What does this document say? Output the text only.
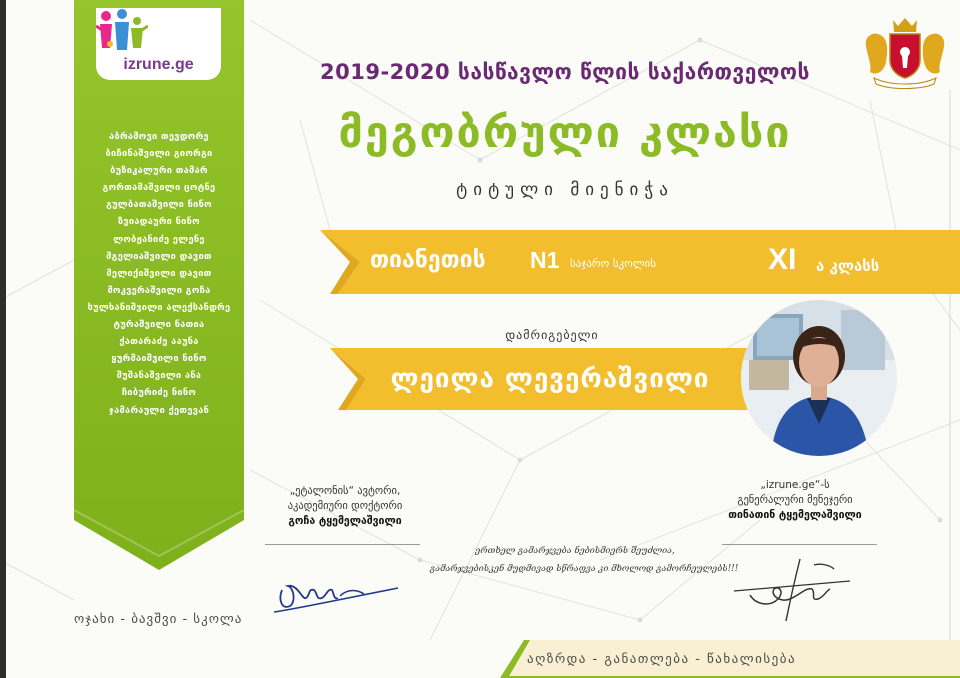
izrune.ge
აბრამოვი თევდორე
ბიჩინაშვილი გიორგი
ბუზიკალური თამარ
გორთამაშვილი ცოტნე
გულბათაშვილი ნინო
ზვიადაური ნინო
ლობჟანიძე ელენე
მგელიაშვილი დავით
მელიქიშვილი დავით
მოკვერაშვილი გოჩა
სულხანიშვილი ალექსანდრე
ტურაშვილი ნათია
ქათარაძე ააუნა
ყურმაიშვილი ნინო
შუშანაშვილი ანა
ჩიბურიძე ნინო
ჯამარაული ქეთევან
ოჯახი - ბავშვი - სკოლა
2019-2020 სასწავლო წლის საქართველოს
მეგობრული კლასი
ტიტული მიენიჭა
თიანეთის N1 საჯარო სკოლის	XI ა კლასს
დამრიგებელი
ლეილა ლევერაშვილი
„ეტალონის“ ავტორი,
აკადემიური დოქტორი
გოჩა ტყემელაშვილი
„izrune.ge“-ს
გენერალური მენეჯერი
თინათინ ტყემელაშვილი
ერთხელ გამარჯვება ნებისმიერს შეუძლია,
გამარჯვებისკენ მუდმივად სწრაფვა კი მხოლოდ გამორჩეულებს!!!
აღზრდა - განათლება - წახალისება
